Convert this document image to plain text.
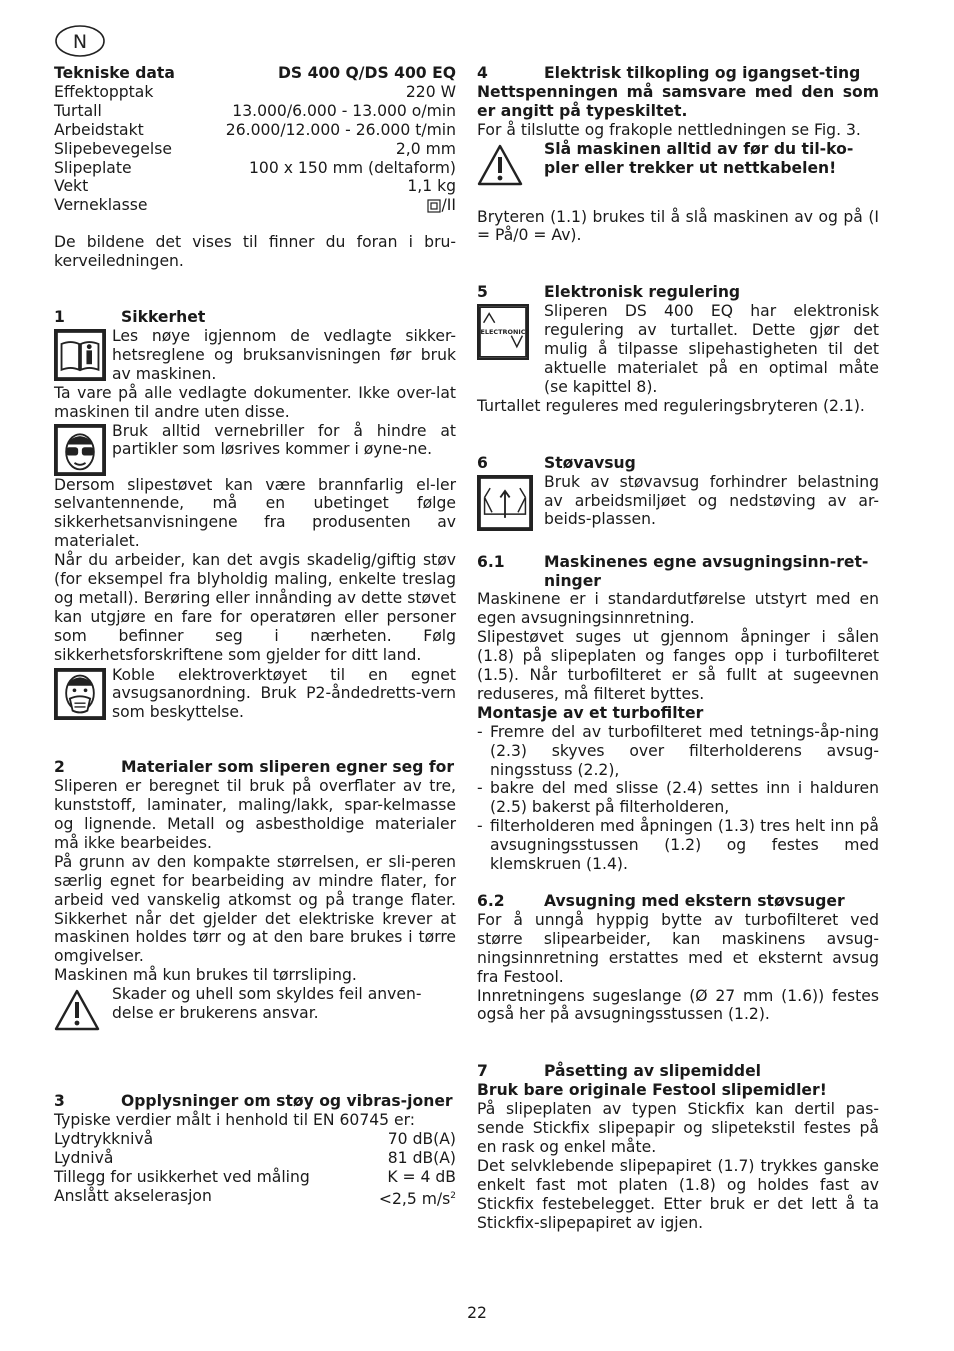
N
Tekniske data	DS 400 Q/DS 400 EQ
Effektopptak	220 W
Turtall	13.000/6.000 - 13.000 o/min
Arbeidstakt	26.000/12.000 - 26.000 t/min
Slipebevegelse	2,0 mm
Slipeplate	100 x 150 mm (deltaform)
Vekt	1,1 kg
Verneklasse	/II

De bildene det vises til finner du foran i bru-kerveiledningen.

1	Sikkerhet

Les nøye igjennom de vedlagte sikker-hetsreglene og bruksanvisningen før bruk av maskinen.

Ta vare på alle vedlagte dokumenter. Ikke over-lat maskinen til andre uten disse.

Bruk alltid vernebriller for å hindre at partikler som løsrives kommer i øyne-ne.

Dersom slipestøvet kan være brannfarlig el-ler selvantennende, må en ubetinget følge sikkerhetsanvisningene fra produsenten av materialet.

Når du arbeider, kan det avgis skadelig/giftig støv (for eksempel fra blyholdig maling, enkelte treslag og metall). Berøring eller innånding av dette støvet kan utgjøre en fare for operatøren eller personer som befinner seg i nærheten. Følg sikkerhetsforskriftene som gjelder for ditt land.

Koble elektroverktøyet til en egnet avsugsanordning. Bruk P2-åndedretts-vern som beskyttelse.

2	Materialer som sliperen egner seg for

Sliperen er beregnet til bruk på overflater av tre, kunststoff, laminater, maling/lakk, spar-kelmasse og lignende. Metall og asbestholdige materialer må ikke bearbeides.

På grunn av den kompakte størrelsen, er sli-peren særlig egnet for bearbeiding av mindre flater, for arbeid ved vanskelig atkomst og på trange flater. Sikkerhet når det gjelder det elektriske krever at maskinen holdes tørr og at den bare brukes i tørre omgivelser.

Maskinen må kun brukes til tørrsliping.

Skader og uhell som skyldes feil anven-delse er brukerens ansvar.

3	Opplysninger om støy og vibras-joner

Typiske verdier målt i henhold til EN 60745 er:

Lydtrykknivå	70 dB(A)
Lydnivå	81 dB(A)
Tillegg for usikkerhet ved måling	K = 4 dB
Anslått akselerasjon	<2,5 $m/s^2$
4	Elektrisk tilkopling og igangset-ting

Nettspenningen må samsvare med den som er angitt på typeskiltet.

For å tilslutte og frakople nettledningen se Fig. 3.

Slå maskinen alltid av før du til-ko-pler eller trekker ut nettkabelen!

Bryteren (1.1) brukes til å slå maskinen av og på (I = På/0 = Av).

5	Elektronisk regulering
ELECTRONIC

Sliperen DS 400 EQ har elektronisk regulering av turtallet. Dette gjør det mulig å tilpasse slipehastigheten til det aktuelle materialet på en optimal måte (se kapittel 8).

Turtallet reguleres med reguleringsbryteren (2.1).

6	Støvavsug

Bruk av støvavsug forhindrer belastning av arbeidsmiljøet og nedstøving av ar-beids-plassen.

6.1	Maskinenes egne avsugningsinn-ret-ninger

Maskinene er i standardutførelse utstyrt med en egen avsugningsinnretning.

Slipestøvet suges ut gjennom åpninger i sålen (1.8) på slipeplaten og fanges opp i turbofilteret (1.5). Når turbofilteret er så fullt at sugeevnen reduseres, må filteret byttes.

Montasje av et turbofilter

- Fremre del av turbofilteret med tetnings-åp-ning (2.3) skyves over filterholderens avsug-ningsstuss (2.2),
- bakre del med slisse (2.4) settes inn i halduren (2.5) bakerst på filterholderen,
- filterholderen med åpningen (1.3) tres helt inn på avsugningsstussen (1.2) og festes med klemskruen (1.4).
6.2	Avsugning med ekstern støvsuger

For å unngå hyppig bytte av turbofilteret ved større slipearbeider, kan maskinens avsug-ningsinnretning erstattes med et eksternt avsug fra Festool.

Innretningens sugeslange (Ø 27 mm (1.6)) festes også her på avsugningsstussen (1.2).

7	Påsetting av slipemiddel

Bruk bare originale Festool slipemidler!

På slipeplaten av typen Stickfix kan dertil pas-sende Stickfix slipepapir og slipetekstil festes på en rask og enkel måte.

Det selvklebende slipepapiret (1.7) trykkes ganske enkelt fast mot platen (1.8) og holdes fast av Stickfix festebelegget. Etter bruk er det lett å ta Stickfix-slipepapiret av igjen.

22
